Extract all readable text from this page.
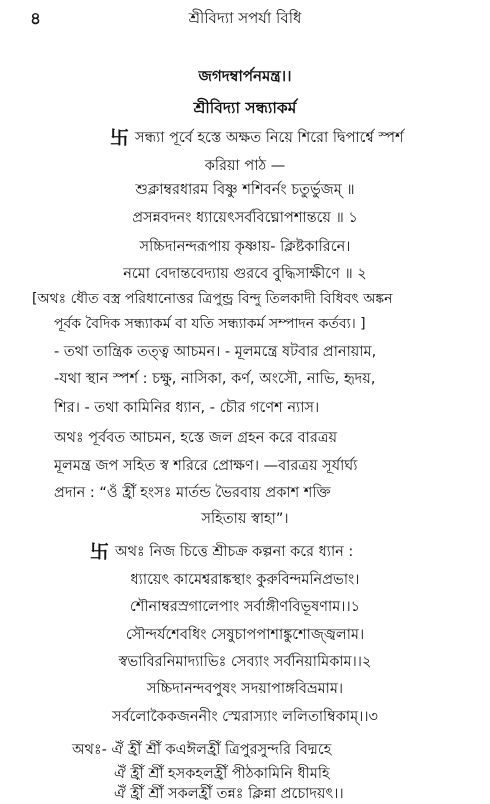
৪	শ্রীবিদ্যা সপর্যা বিধি
জগদম্বার্পনমন্ত্র।।
শ্রীবিদ্যা সন্ধ্যাকর্ম
卐 সন্ধ্যা পূর্বে হস্তে অক্ষত নিয়ে শিরো দ্বিপার্শ্বে স্পর্শ
করিয়া পাঠ —
শুক্লাম্বরধারম বিষ্ণু শশিবর্নং চতুর্ভুজম্ ॥
প্রসন্নবদনং ধ্যায়েৎসর্ববিঘ্নোপশান্তয়ে ॥ ১
সচ্চিদানন্দরূপায় কৃষ্ণায়- ক্লিষ্টকারিনে।
নমো বেদান্তবেদ্যায় গুরবে বুদ্ধিসাক্ষীণে ॥ ২
[অথঃ ধৌত বস্ত্র পরিধানোত্তর ত্রিপুন্ড্র বিন্দু তিলকাদী বিধিবৎ অঙ্কন
পূর্বক বৈদিক সন্ধ্যাকর্ম বা যতি সন্ধ্যাকর্ম সম্পাদন কর্তব্য। ]
- তথা তান্ত্রিক তত্ত্ব আচমন। - মূলমন্ত্রে ষটবার প্রানায়াম,
-যথা স্থান স্পর্শ : চক্ষু, নাসিকা, কর্ণ, অংসৌ, নাভি, হৃদয়,
শির। - তথা কামিনির ধ্যান, - চৌর গণেশ ন্যাস।
অথঃ পূর্ববত আচমন, হস্তে জল গ্রহন করে বারত্রয়
মূলমন্ত্র জপ সহিত স্ব শরিরে প্রোক্ষণ। —বারত্রয় সূর্যার্ঘ্য
প্রদান : “ওঁ হ্রীঁ হংসঃ মার্তন্ড ভৈরবায় প্রকাশ শক্তি
সহিতায় স্বাহা”।
卐 অথঃ নিজ চিত্তে শ্রীচক্র কল্পনা করে ধ্যান :
ধ্যায়েৎ কামেশ্বরাঙ্কস্থাং কুরুবিন্দমনিপ্রভাং।
শৌনাম্বরস্রগালেপাং সর্বাঙ্গীণবিভূষণাম।।১
সৌন্দর্যশেবধিং সেষুচাপপাশাঙ্কুশোজ্জ্বলাম।
স্বভাবিরনিমাদ্যাভিঃ সেব্যাং সর্বনিয়ামিকাম।।২
সচ্চিদানন্দবপুষং সদয়াপাঙ্গবিভ্রমাম।
সর্বলোকৈকজননীং স্মেরাস্যাং ললিতাম্বিকাম্।।৩
অথঃ- ঐঁ হ্রীঁ শ্রীঁ কএঈলহ্রীঁ ত্রিপুরসুন্দরি বিদ্মহে
ঐঁ হ্রীঁ শ্রীঁ হসকহলহ্রীঁ পীঠকামিনি ধীমহি
ঐঁ হ্রীঁ শ্রীঁ সকলহ্রীঁ তন্নঃ ক্লিন্না প্রচোদয়ৎ।।
